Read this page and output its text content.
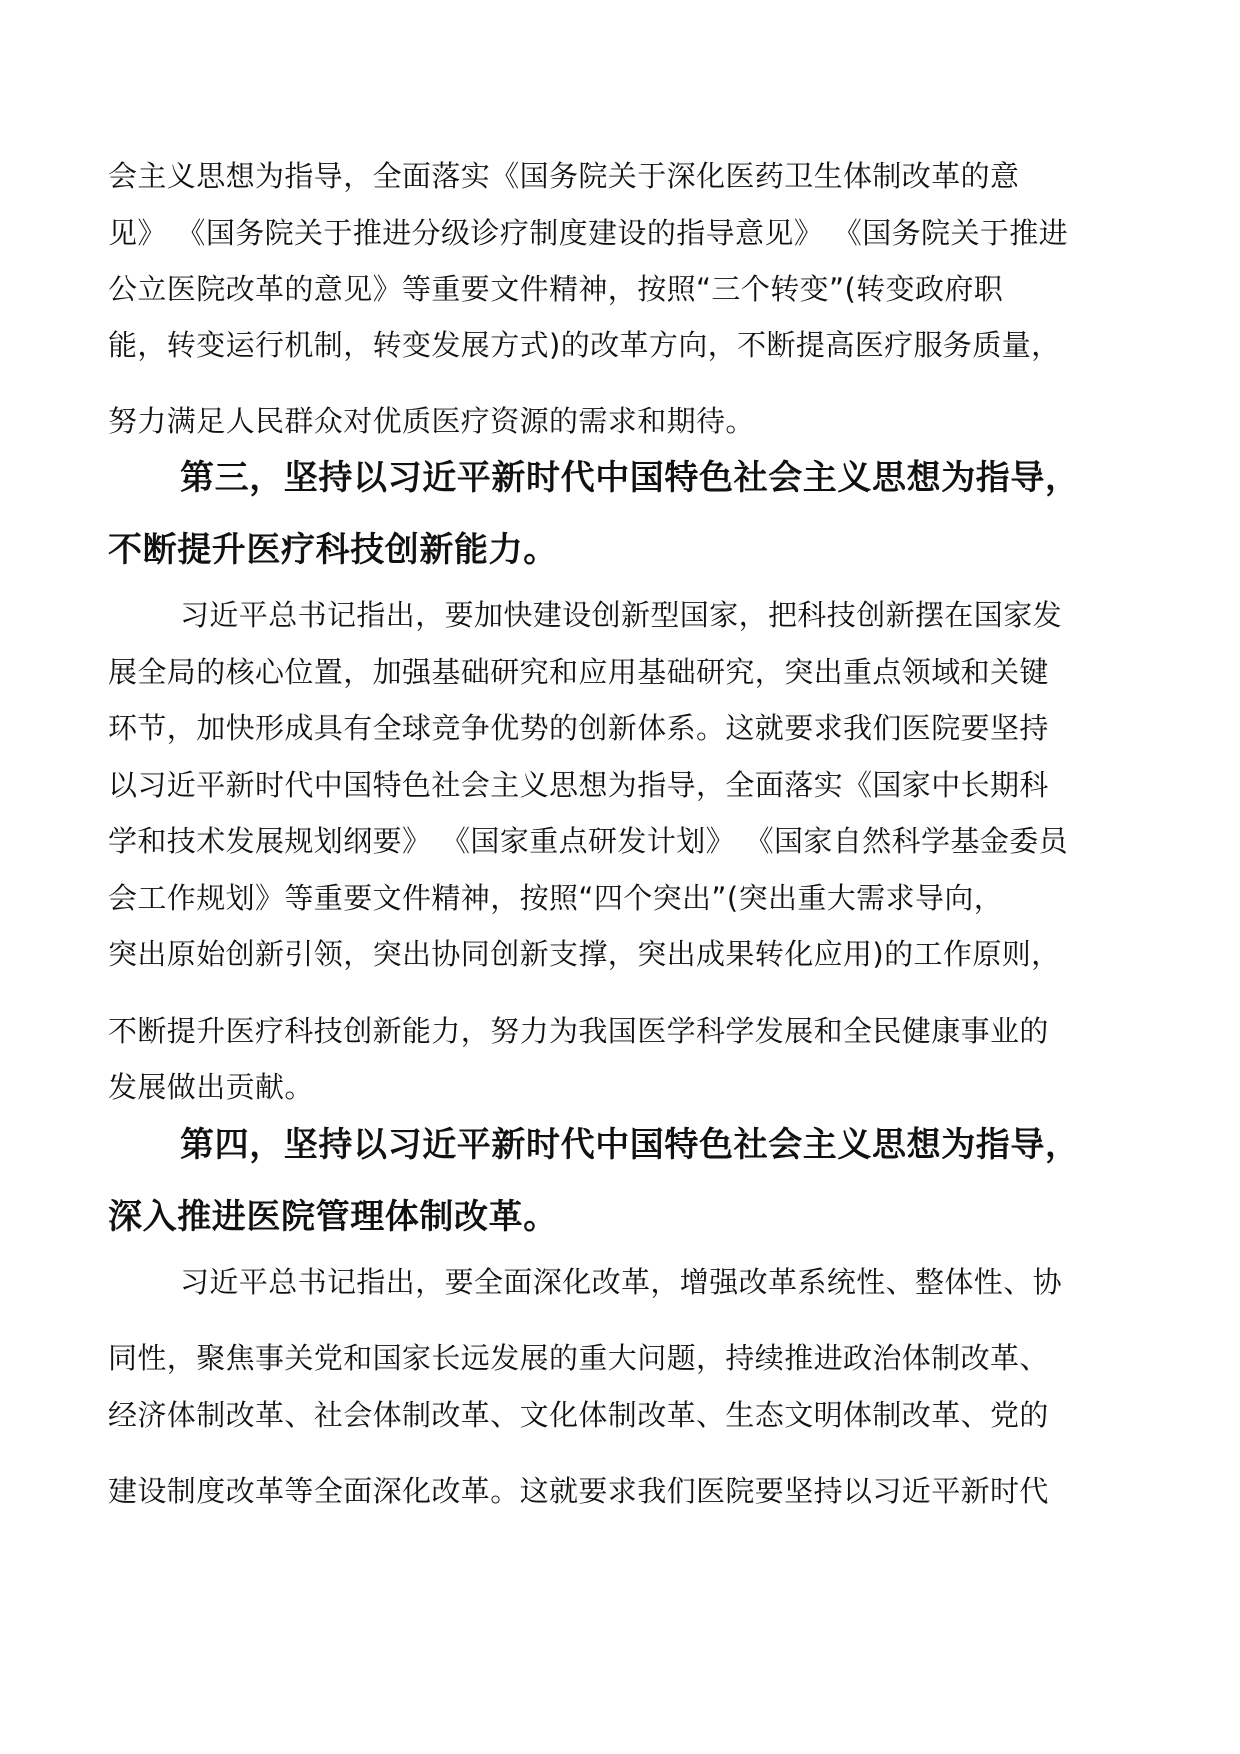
会主义思想为指导，全面落实《国务院关于深化医药卫生体制改革的意
见》 《国务院关于推进分级诊疗制度建设的指导意见》 《国务院关于推进
公立医院改革的意见》等重要文件精神，按照“三个转变”(转变政府职
能，转变运行机制，转变发展方式)的改革方向，不断提高医疗服务质量，
努力满足人民群众对优质医疗资源的需求和期待。
第三，坚持以习近平新时代中国特色社会主义思想为指导，
不断提升医疗科技创新能力。
习近平总书记指出，要加快建设创新型国家，把科技创新摆在国家发
展全局的核心位置，加强基础研究和应用基础研究，突出重点领域和关键
环节，加快形成具有全球竞争优势的创新体系。这就要求我们医院要坚持
以习近平新时代中国特色社会主义思想为指导，全面落实《国家中长期科
学和技术发展规划纲要》 《国家重点研发计划》 《国家自然科学基金委员
会工作规划》等重要文件精神，按照“四个突出”(突出重大需求导向，
突出原始创新引领，突出协同创新支撑，突出成果转化应用)的工作原则，
不断提升医疗科技创新能力，努力为我国医学科学发展和全民健康事业的
发展做出贡献。
第四，坚持以习近平新时代中国特色社会主义思想为指导，
深入推进医院管理体制改革。
习近平总书记指出，要全面深化改革，增强改革系统性、整体性、协
同性，聚焦事关党和国家长远发展的重大问题，持续推进政治体制改革、
经济体制改革、社会体制改革、文化体制改革、生态文明体制改革、党的
建设制度改革等全面深化改革。这就要求我们医院要坚持以习近平新时代
